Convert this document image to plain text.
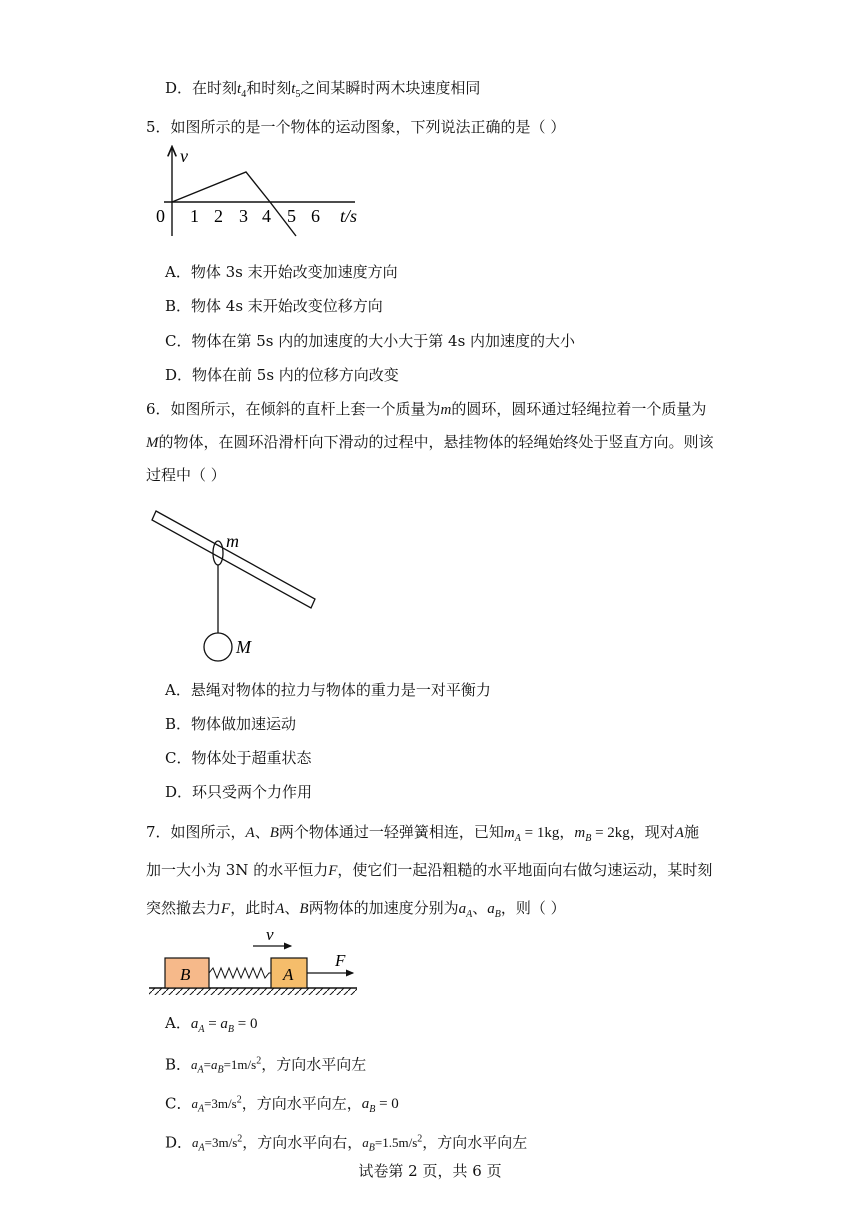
D．在时刻$t_4$和时刻$t_5$之间某瞬时两木块速度相同
5．如图所示的是一个物体的运动图象，下列说法正确的是（ ）
v
0 1 2 3 4 5 6 t/s
A．物体 3s 末开始改变加速度方向
B．物体 4s 末开始改变位移方向
C．物体在第 5s 内的加速度的大小大于第 4s 内加速度的大小
D．物体在前 5s 内的位移方向改变
6．如图所示，在倾斜的直杆上套一个质量为m的圆环，圆环通过轻绳拉着一个质量为
M的物体，在圆环沿滑杆向下滑动的过程中，悬挂物体的轻绳始终处于竖直方向。则该
过程中（ ）
m
M
A．悬绳对物体的拉力与物体的重力是一对平衡力
B．物体做加速运动
C．物体处于超重状态
D．环只受两个力作用
7．如图所示，A、B两个物体通过一轻弹簧相连，已知$m_A = 1kg$，$m_B = 2kg$，现对A施
加一大小为 3N 的水平恒力F，使它们一起沿粗糙的水平地面向右做匀速运动，某时刻
突然撤去力F，此时A、B两物体的加速度分别为$a_A$、$a_B$，则（ ）
B	A
v
F
A．$a_A = a_B = 0$
B．$a_A=a_B=1m/s^2$，方向水平向左
C．$a_A=3m/s^2$，方向水平向左，$a_B = 0$
D．$a_A=3m/s^2$，方向水平向右，$a_B=1.5m/s^2$，方向水平向左
试卷第 2 页，共 6 页
